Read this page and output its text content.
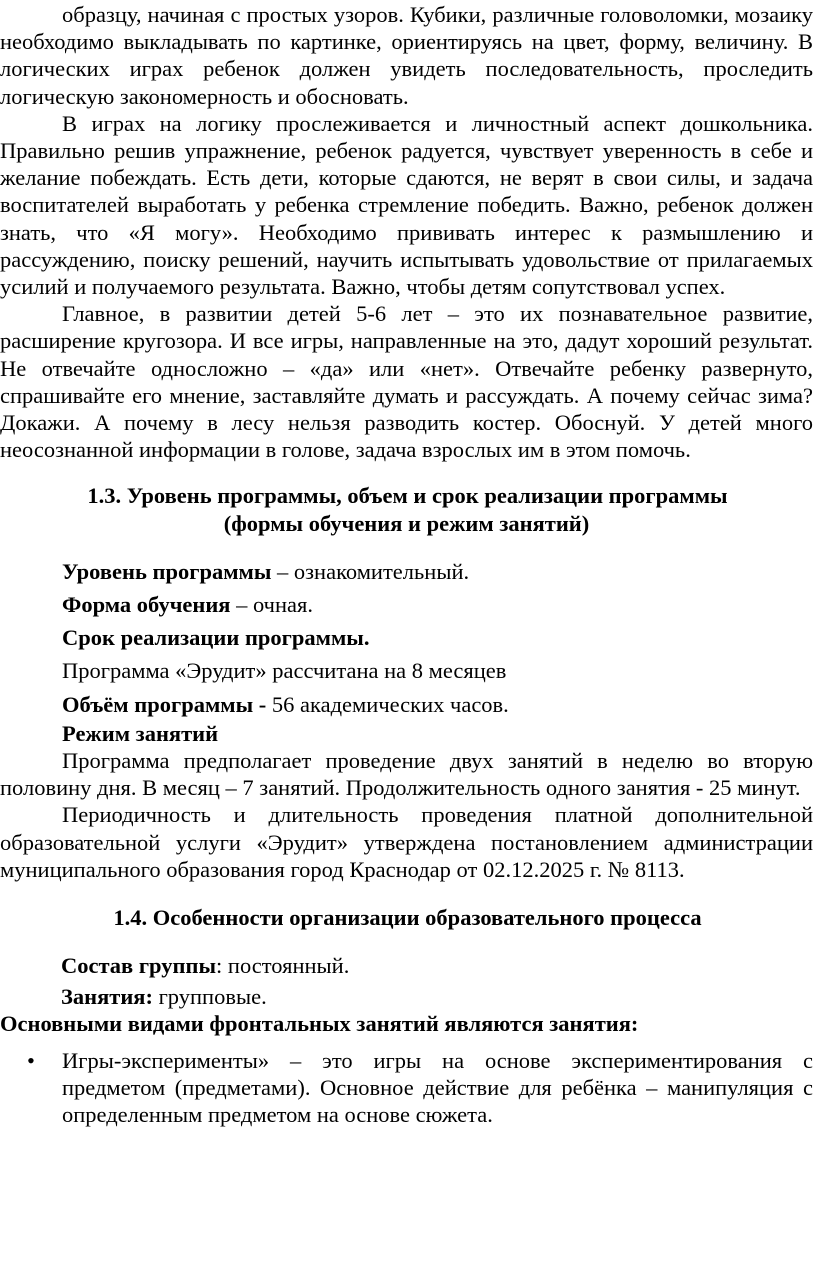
образцу, начиная с простых узоров. Кубики, различные головоломки, мозаику необходимо выкладывать по картинке, ориентируясь на цвет, форму, величину. В логических играх ребенок должен увидеть последовательность, проследить логическую закономерность и обосновать.

В играх на логику прослеживается и личностный аспект дошкольника. Правильно решив упражнение, ребенок радуется, чувствует уверенность в себе и желание побеждать. Есть дети, которые сдаются, не верят в свои силы, и задача воспитателей выработать у ребенка стремление победить. Важно, ребенок должен знать, что «Я могу». Необходимо прививать интерес к размышлению и рассуждению, поиску решений, научить испытывать удовольствие от прилагаемых усилий и получаемого результата. Важно, чтобы детям сопутствовал успех.

Главное, в развитии детей 5-6 лет – это их познавательное развитие, расширение кругозора. И все игры, направленные на это, дадут хороший результат. Не отвечайте односложно – «да» или «нет». Отвечайте ребенку развернуто, спрашивайте его мнение, заставляйте думать и рассуждать. А почему сейчас зима? Докажи. А почему в лесу нельзя разводить костер. Обоснуй. У детей много неосознанной информации в голове, задача взрослых им в этом помочь.

1.3. Уровень программы, объем и срок реализации программы

(формы обучения и режим занятий)

Уровень программы – ознакомительный.

Форма обучения – очная.

Срок реализации программы.

Программа «Эрудит» рассчитана на 8 месяцев

Объём программы - 56 академических часов.

Режим занятий

Программа предполагает проведение двух занятий в неделю во вторую половину дня. В месяц – 7 занятий. Продолжительность одного занятия - 25 минут.

Периодичность и длительность проведения платной дополнительной образовательной услуги «Эрудит» утверждена постановлением администрации муниципального образования город Краснодар от 02.12.2025 г. № 8113.

1.4. Особенности организации образовательного процесса

Состав группы: постоянный.

Занятия: групповые.

Основными видами фронтальных занятий являются занятия:

•	Игры-эксперименты» – это игры на основе экспериментирования с предметом (предметами). Основное действие для ребёнка – манипуляция с определенным предметом на основе сюжета.
